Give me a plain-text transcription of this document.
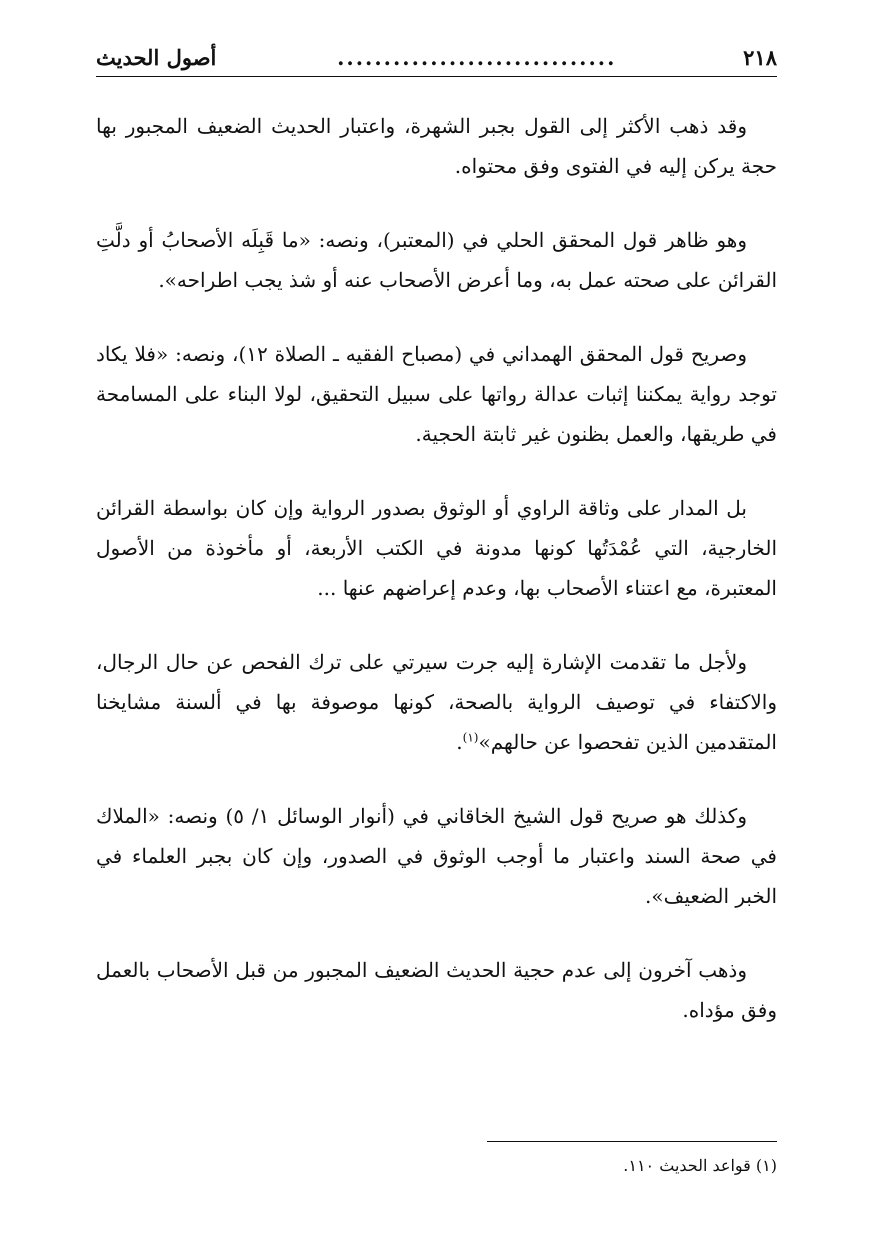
٢١٨
..............................
أصول الحديث

وقد ذهب الأكثر إلى القول بجبر الشهرة، واعتبار الحديث الضعيف المجبور بها حجة يركن إليه في الفتوى وفق محتواه.

وهو ظاهر قول المحقق الحلي في (المعتبر)، ونصه: «ما قَبِلَه الأصحابُ أو دلَّتِ القرائن على صحته عمل به، وما أعرض الأصحاب عنه أو شذ يجب اطراحه».

وصريح قول المحقق الهمداني في (مصباح الفقيه ـ الصلاة ١٢)، ونصه: «فلا يكاد توجد رواية يمكننا إثبات عدالة رواتها على سبيل التحقيق، لولا البناء على المسامحة في طريقها، والعمل بظنون غير ثابتة الحجية.

بل المدار على وثاقة الراوي أو الوثوق بصدور الرواية وإن كان بواسطة القرائن الخارجية، التي عُمْدَتُها كونها مدونة في الكتب الأربعة، أو مأخوذة من الأصول المعتبرة، مع اعتناء الأصحاب بها، وعدم إعراضهم عنها ...

ولأجل ما تقدمت الإشارة إليه جرت سيرتي على ترك الفحص عن حال الرجال، والاكتفاء في توصيف الرواية بالصحة، كونها موصوفة بها في ألسنة مشايخنا المتقدمين الذين تفحصوا عن حالهم»$^{(١)}$.

وكذلك هو صريح قول الشيخ الخاقاني في (أنوار الوسائل ١/ ٥) ونصه: «الملاك في صحة السند واعتبار ما أوجب الوثوق في الصدور، وإن كان بجبر العلماء في الخبر الضعيف».

وذهب آخرون إلى عدم حجية الحديث الضعيف المجبور من قبل الأصحاب بالعمل وفق مؤداه.

(١) قواعد الحديث ١١٠.
